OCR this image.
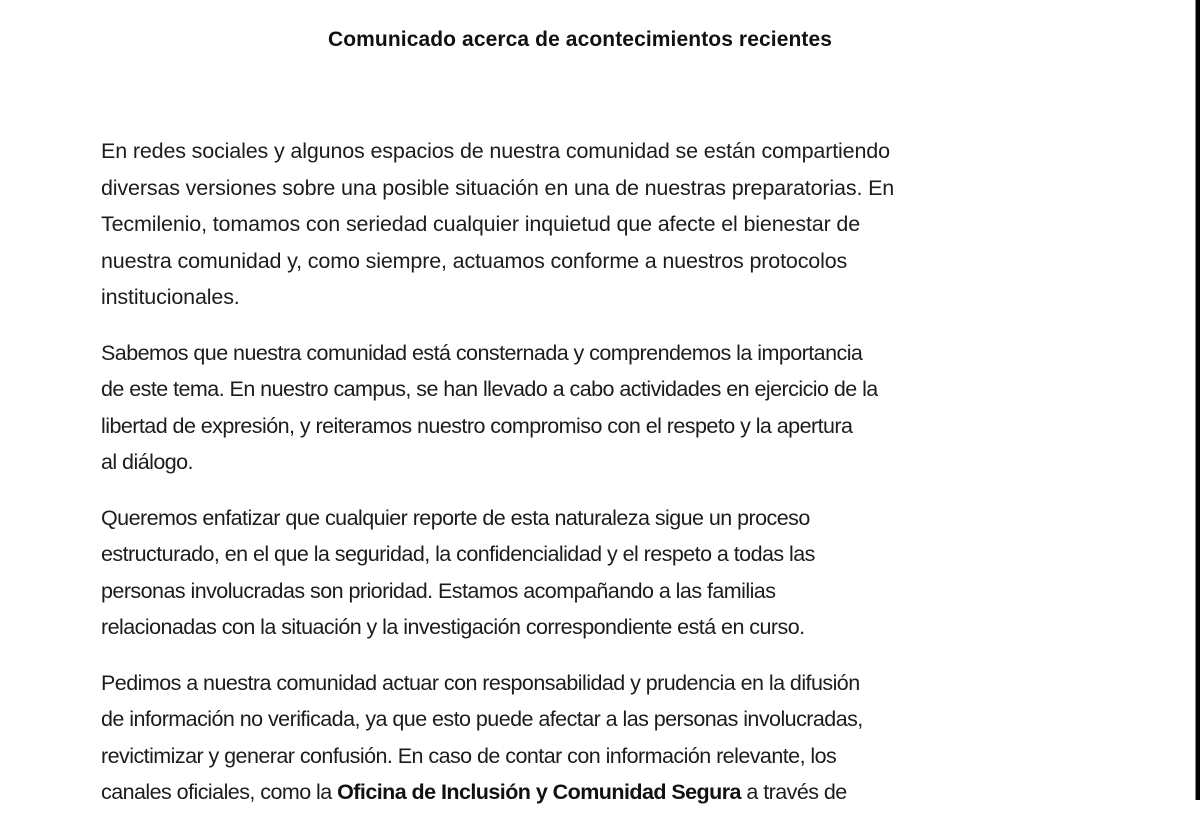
Comunicado acerca de acontecimientos recientes

En redes sociales y algunos espacios de nuestra comunidad se están compartiendo
diversas versiones sobre una posible situación en una de nuestras preparatorias. En
Tecmilenio, tomamos con seriedad cualquier inquietud que afecte el bienestar de
nuestra comunidad y, como siempre, actuamos conforme a nuestros protocolos
institucionales.

Sabemos que nuestra comunidad está consternada y comprendemos la importancia
de este tema. En nuestro campus, se han llevado a cabo actividades en ejercicio de la
libertad de expresión, y reiteramos nuestro compromiso con el respeto y la apertura
al diálogo.

Queremos enfatizar que cualquier reporte de esta naturaleza sigue un proceso
estructurado, en el que la seguridad, la confidencialidad y el respeto a todas las
personas involucradas son prioridad. Estamos acompañando a las familias
relacionadas con la situación y la investigación correspondiente está en curso.

Pedimos a nuestra comunidad actuar con responsabilidad y prudencia en la difusión
de información no verificada, ya que esto puede afectar a las personas involucradas,
revictimizar y generar confusión. En caso de contar con información relevante, los
canales oficiales, como la Oficina de Inclusión y Comunidad Segura a través de
